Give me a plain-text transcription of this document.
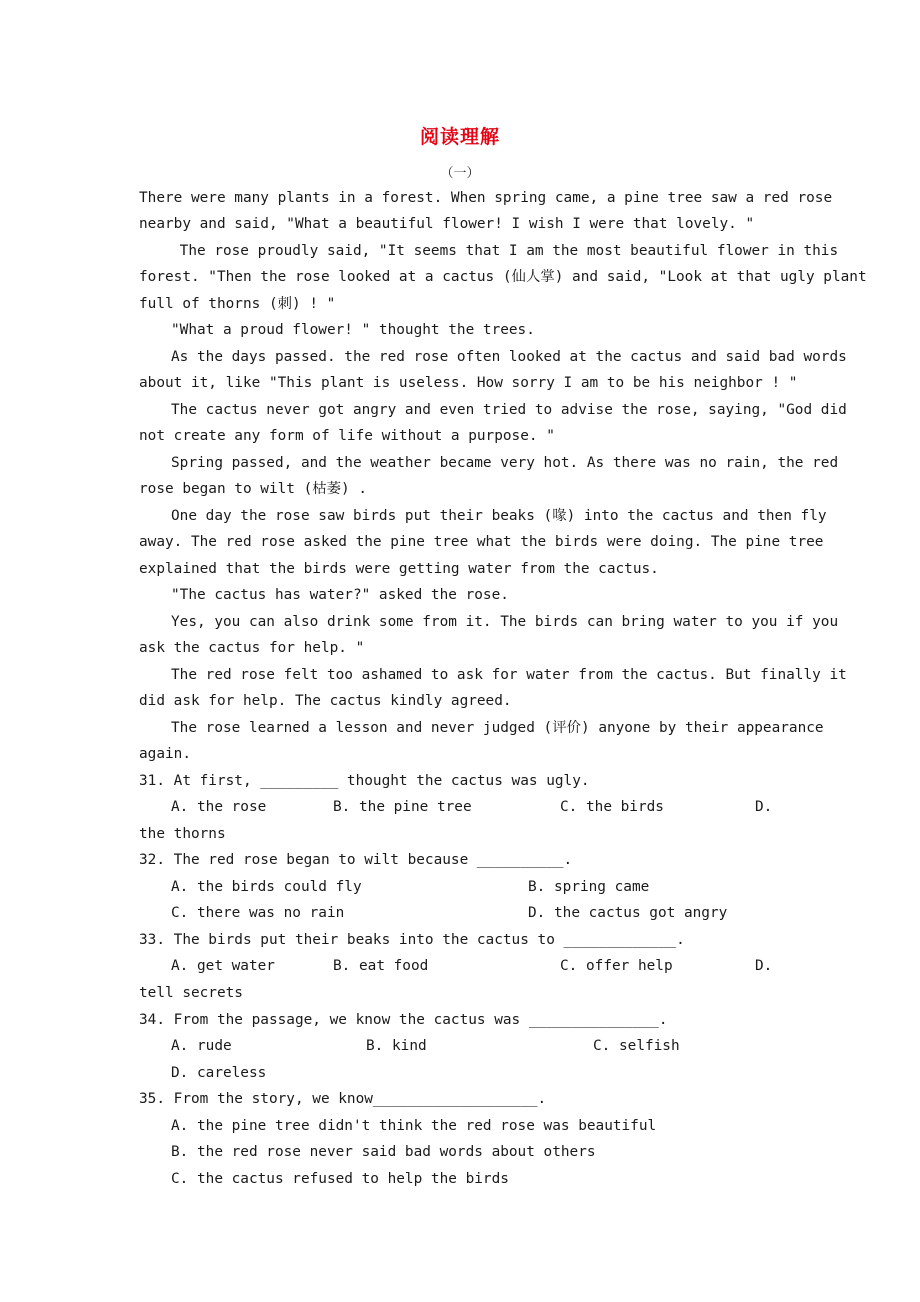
阅读理解
（一）
There were many plants in a forest. When spring came, a pine tree saw a red rose
nearby and said, "What a beautiful flower! I wish I were that lovely. "
The rose proudly said, "It seems that I am the most beautiful flower in this
forest. "Then the rose looked at a cactus (仙人掌) and said, "Look at that ugly plant
full of thorns (刺) ! "
"What a proud flower! " thought the trees.
As the days passed. the red rose often looked at the cactus and said bad words
about it, like "This plant is useless. How sorry I am to be his neighbor ! "
The cactus never got angry and even tried to advise the rose, saying, "God did
not create any form of life without a purpose. "
Spring passed, and the weather became very hot. As there was no rain, the red
rose began to wilt (枯萎) .
One day the rose saw birds put their beaks (喙) into the cactus and then fly
away. The red rose asked the pine tree what the birds were doing. The pine tree
explained that the birds were getting water from the cactus.
"The cactus has water?" asked the rose.
Yes, you can also drink some from it. The birds can bring water to you if you
ask the cactus for help. "
The red rose felt too ashamed to ask for water from the cactus. But finally it
did ask for help. The cactus kindly agreed.
The rose learned a lesson and never judged (评价) anyone by their appearance
again.
31. At first, _________ thought the cactus was ugly.
A. the rose	B. the pine tree	C. the birds	D.
the thorns
32. The red rose began to wilt because __________.
A. the birds could fly	B. spring came
C. there was no rain	D. the cactus got angry
33. The birds put their beaks into the cactus to _____________.
A. get water	B. eat food	C. offer help	D.
tell secrets
34. From the passage, we know the cactus was _______________.
A. rude	B. kind	C. selfish
D. careless
35. From the story, we know___________________.
A. the pine tree didn't think the red rose was beautiful
B. the red rose never said bad words about others
C. the cactus refused to help the birds
